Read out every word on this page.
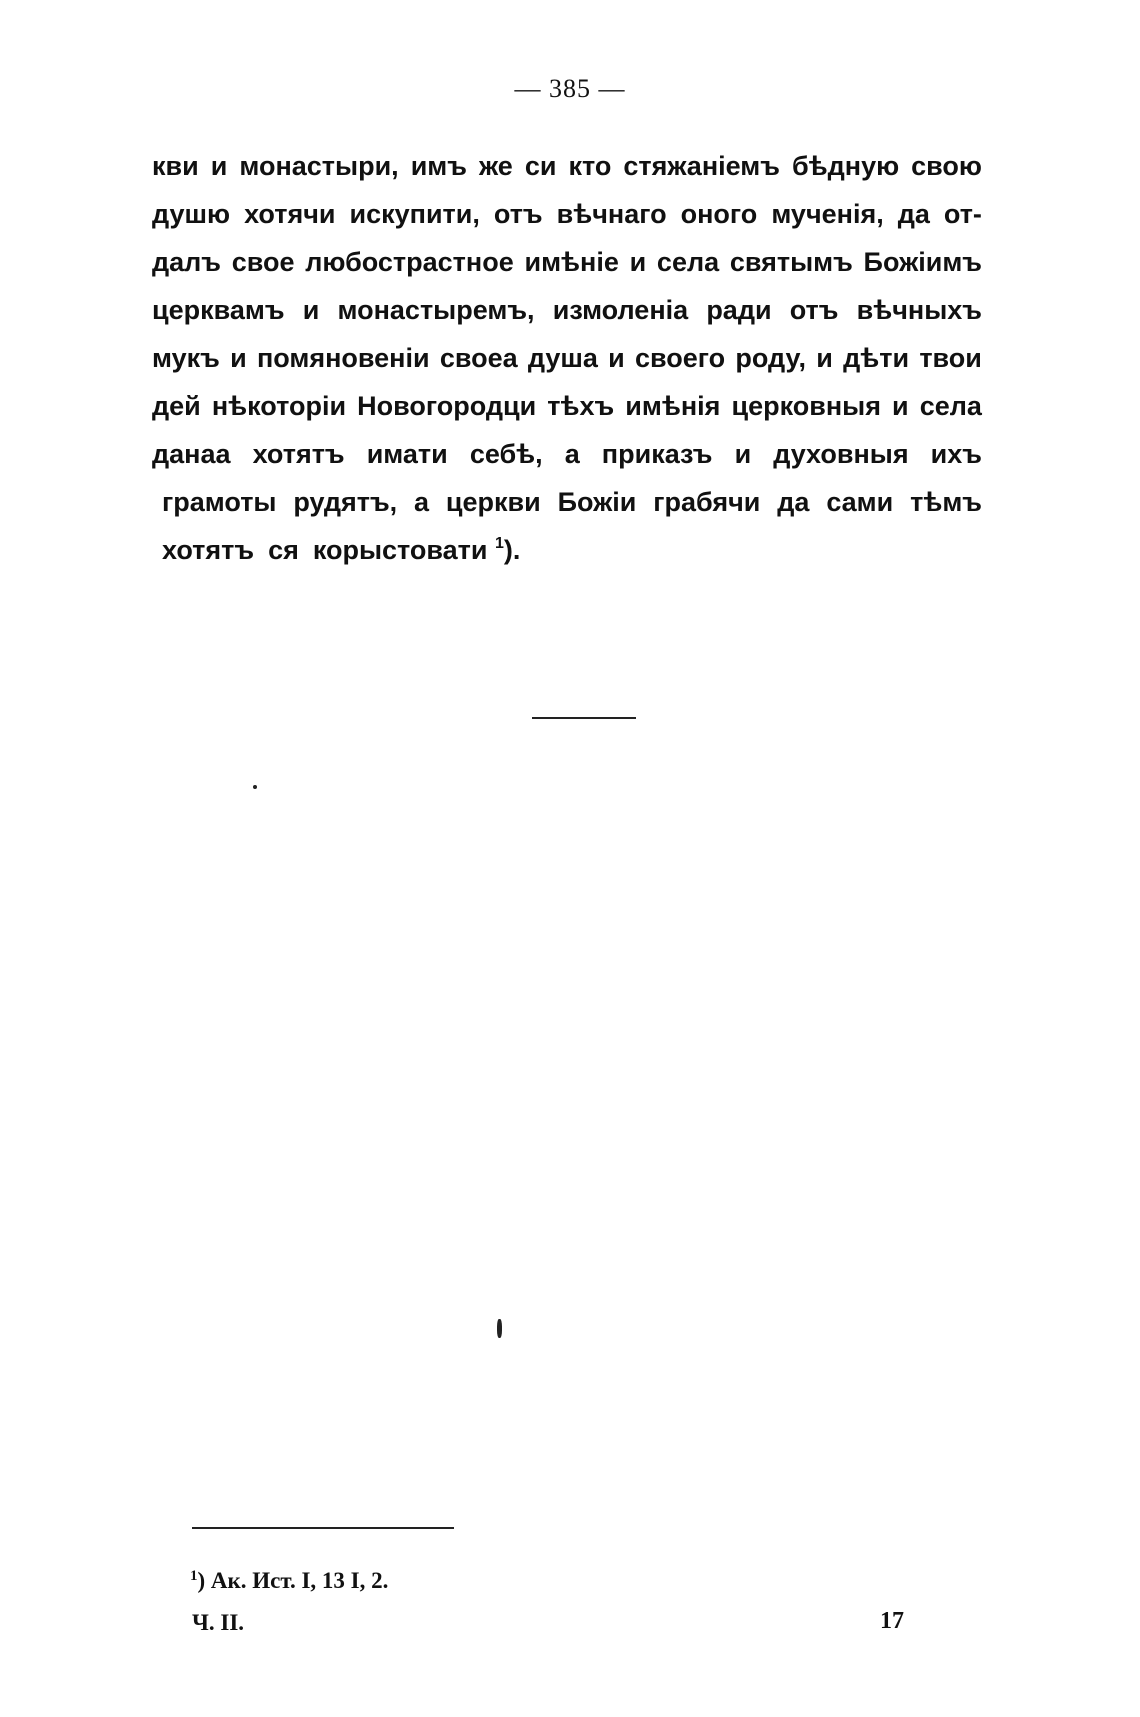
— 385 —
кви и монастыри, имъ же си кто стяжаніемъ бѣдную свою
душю хотячи искупити, отъ вѣчнаго оного мученія, да от-
далъ свое любострастное имѣніе и села святымъ Божіимъ
церквамъ и монастыремъ, измоленіа ради отъ вѣчныхъ
мукъ и помяновеніи своеа душа и своего роду, и дѣти твои
дей нѣкоторіи Новогородци тѣхъ имѣнія церковныя и села
данаа хотятъ имати себѣ, а приказъ и духовныя ихъ
грамоты рудятъ, а церкви Божіи грабячи да сами тѣмъ
хотятъ ся корыстовати $^1$).
$^1$) Ак. Ист. I, 13 I, 2.
Ч. II.	17
